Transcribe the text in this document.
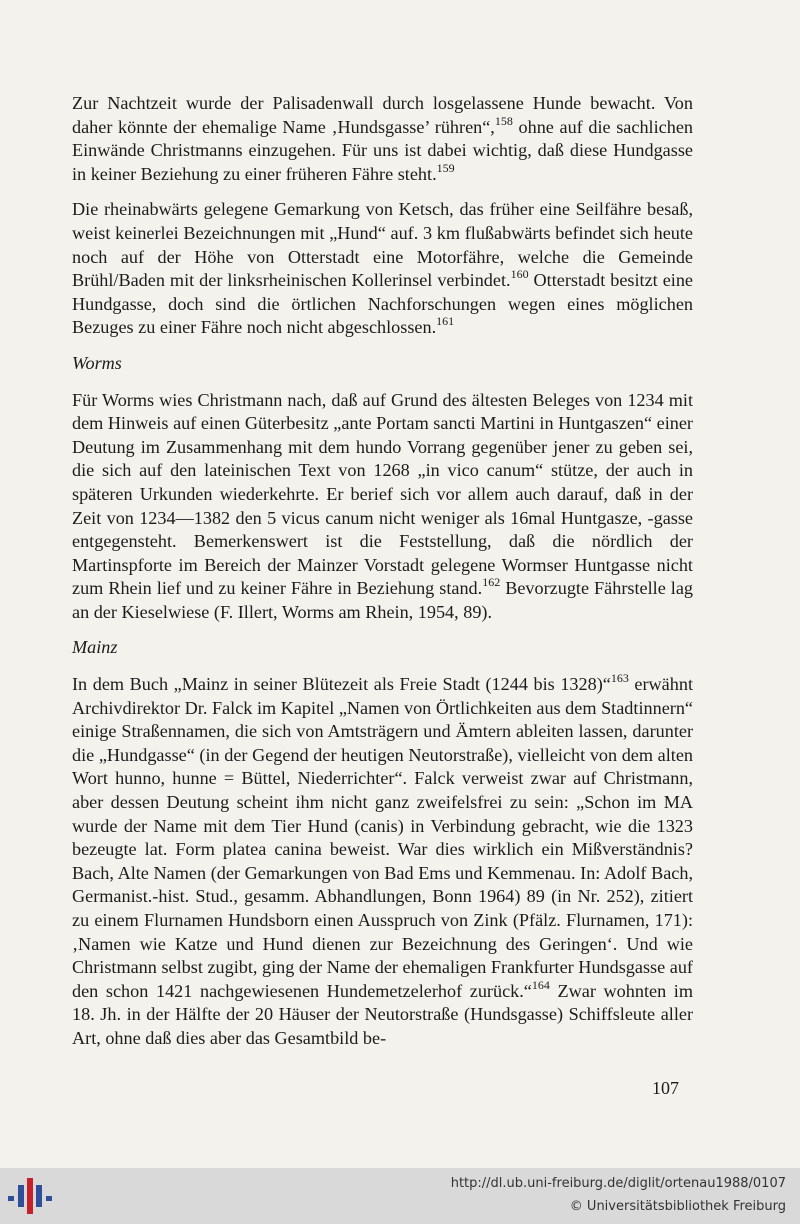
Zur Nachtzeit wurde der Palisadenwall durch losgelassene Hunde bewacht. Von daher könnte der ehemalige Name ‚Hundsgasse’ rühren“,$^{158}$ ohne auf die sachlichen Einwände Christmanns einzugehen. Für uns ist dabei wichtig, daß diese Hundgasse in keiner Beziehung zu einer früheren Fähre steht.$^{159}$

Die rheinabwärts gelegene Gemarkung von Ketsch, das früher eine Seilfähre besaß, weist keinerlei Bezeichnungen mit „Hund“ auf. 3 km flußabwärts befindet sich heute noch auf der Höhe von Otterstadt eine Motorfähre, welche die Gemeinde Brühl/Baden mit der linksrheinischen Kollerinsel verbindet.$^{160}$ Otterstadt besitzt eine Hundgasse, doch sind die örtlichen Nachforschungen wegen eines möglichen Bezuges zu einer Fähre noch nicht abgeschlossen.$^{161}$

Worms

Für Worms wies Christmann nach, daß auf Grund des ältesten Beleges von 1234 mit dem Hinweis auf einen Güterbesitz „ante Portam sancti Martini in Huntgaszen“ einer Deutung im Zusammenhang mit dem hundo Vorrang gegenüber jener zu geben sei, die sich auf den lateinischen Text von 1268 „in vico canum“ stütze, der auch in späteren Urkunden wiederkehrte. Er berief sich vor allem auch darauf, daß in der Zeit von 1234—1382 den 5 vicus canum nicht weniger als 16mal Huntgasze, -gasse entgegensteht. Bemerkenswert ist die Feststellung, daß die nördlich der Martinspforte im Bereich der Mainzer Vorstadt gelegene Wormser Huntgasse nicht zum Rhein lief und zu keiner Fähre in Beziehung stand.$^{162}$ Bevorzugte Fährstelle lag an der Kieselwiese (F. Illert, Worms am Rhein, 1954, 89).

Mainz

In dem Buch „Mainz in seiner Blütezeit als Freie Stadt (1244 bis 1328)“$^{163}$ erwähnt Archivdirektor Dr. Falck im Kapitel „Namen von Örtlichkeiten aus dem Stadtinnern“ einige Straßennamen, die sich von Amtsträgern und Ämtern ableiten lassen, darunter die „Hundgasse“ (in der Gegend der heutigen Neutorstraße), vielleicht von dem alten Wort hunno, hunne = Büttel, Niederrichter“. Falck verweist zwar auf Christmann, aber dessen Deutung scheint ihm nicht ganz zweifelsfrei zu sein: „Schon im MA wurde der Name mit dem Tier Hund (canis) in Verbindung gebracht, wie die 1323 bezeugte lat. Form platea canina beweist. War dies wirklich ein Mißverständnis? Bach, Alte Namen (der Gemarkungen von Bad Ems und Kemmenau. In: Adolf Bach, Germanist.-hist. Stud., gesamm. Abhandlungen, Bonn 1964) 89 (in Nr. 252), zitiert zu einem Flurnamen Hundsborn einen Ausspruch von Zink (Pfälz. Flurnamen, 171): ‚Namen wie Katze und Hund dienen zur Bezeichnung des Geringen‘. Und wie Christmann selbst zugibt, ging der Name der ehemaligen Frankfurter Hundsgasse auf den schon 1421 nachgewiesenen Hundemetzelerhof zurück.“$^{164}$ Zwar wohnten im 18. Jh. in der Hälfte der 20 Häuser der Neutorstraße (Hundsgasse) Schiffsleute aller Art, ohne daß dies aber das Gesamtbild be-

107
http://dl.ub.uni-freiburg.de/diglit/ortenau1988/0107
© Universitätsbibliothek Freiburg
